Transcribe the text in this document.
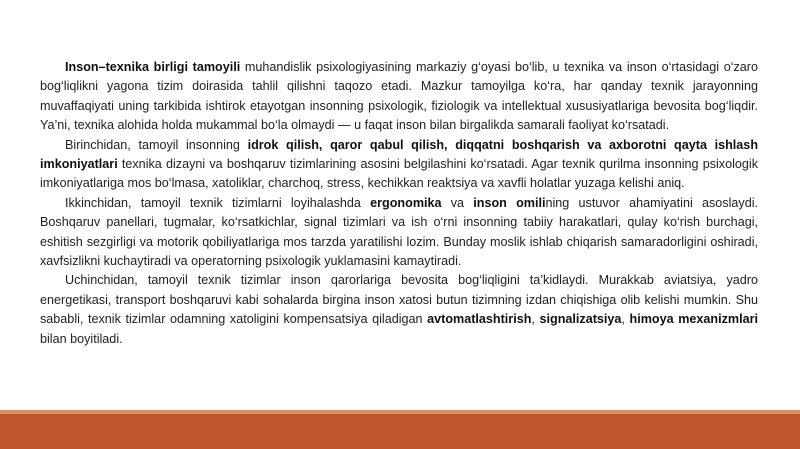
Inson–texnika birligi tamoyili muhandislik psixologiyasining markaziy g‘oyasi bo‘lib, u texnika va inson o‘rtasidagi o‘zaro bog‘liqlikni yagona tizim doirasida tahlil qilishni taqozo etadi. Mazkur tamoyilga ko‘ra, har qanday texnik jarayonning muvaffaqiyati uning tarkibida ishtirok etayotgan insonning psixologik, fiziologik va intellektual xususiyatlariga bevosita bog‘liqdir. Ya’ni, texnika alohida holda mukammal bo‘la olmaydi — u faqat inson bilan birgalikda samarali faoliyat ko‘rsatadi.

Birinchidan, tamoyil insonning idrok qilish, qaror qabul qilish, diqqatni boshqarish va axborotni qayta ishlash imkoniyatlari texnika dizayni va boshqaruv tizimlarining asosini belgilashini ko‘rsatadi. Agar texnik qurilma insonning psixologik imkoniyatlariga mos bo‘lmasa, xatoliklar, charchoq, stress, kechikkan reaktsiya va xavfli holatlar yuzaga kelishi aniq.

Ikkinchidan, tamoyil texnik tizimlarni loyihalashda ergonomika va inson omilining ustuvor ahamiyatini asoslaydi. Boshqaruv panellari, tugmalar, ko‘rsatkichlar, signal tizimlari va ish o‘rni insonning tabiiy harakatlari, qulay ko‘rish burchagi, eshitish sezgirligi va motorik qobiliyatlariga mos tarzda yaratilishi lozim. Bunday moslik ishlab chiqarish samaradorligini oshiradi, xavfsizlikni kuchaytiradi va operatorning psixologik yuklamasini kamaytiradi.

Uchinchidan, tamoyil texnik tizimlar inson qarorlariga bevosita bog‘liqligini ta’kidlaydi. Murakkab aviatsiya, yadro energetikasi, transport boshqaruvi kabi sohalarda birgina inson xatosi butun tizimning izdan chiqishiga olib kelishi mumkin. Shu sababli, texnik tizimlar odamning xatoligini kompensatsiya qiladigan avtomatlashtirish, signalizatsiya, himoya mexanizmlari bilan boyitiladi.
